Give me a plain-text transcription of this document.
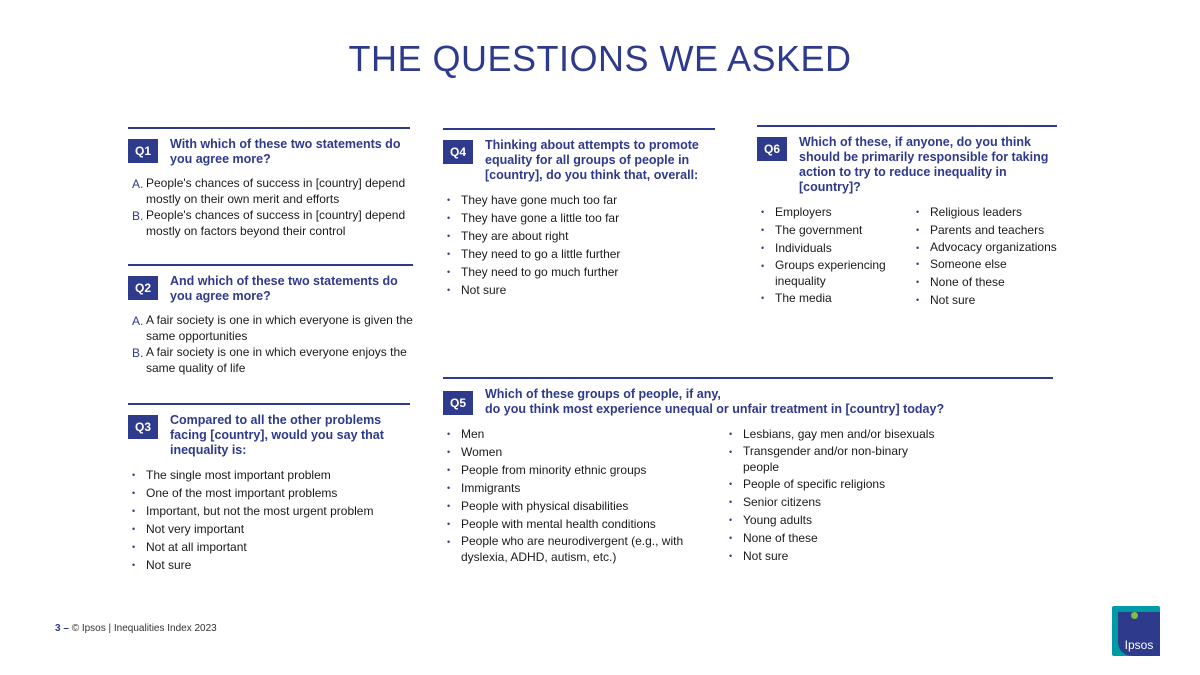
THE QUESTIONS WE ASKED
Q1	With which of these two statements do you agree more?
A. People's chances of success in [country] depend mostly on their own merit and efforts
B. People's chances of success in [country] depend mostly on factors beyond their control
Q2	And which of these two statements do you agree more?
A. A fair society is one in which everyone is given the same opportunities
B. A fair society is one in which everyone enjoys the same quality of life
Q3	Compared to all the other problems facing [country], would you say that inequality is:
• The single most important problem
• One of the most important problems
• Important, but not the most urgent problem
• Not very important
• Not at all important
• Not sure
Q4	Thinking about attempts to promote equality for all groups of people in [country], do you think that, overall:
• They have gone much too far
• They have gone a little too far
• They are about right
• They need to go a little further
• They need to go much further
• Not sure
Q6	Which of these, if anyone, do you think should be primarily responsible for taking action to try to reduce inequality in [country]?
• Employers
• The government
• Individuals
• Groups experiencing inequality
• The media
• Religious leaders
• Parents and teachers
• Advocacy organizations
• Someone else
• None of these
• Not sure
Q5
Which of these groups of people, if any,
do you think most experience unequal or unfair treatment in [country] today?
• Men
• Women
• People from minority ethnic groups
• Immigrants
• People with physical disabilities
• People with mental health conditions
• People who are neurodivergent (e.g., with dyslexia, ADHD, autism, etc.)
• Lesbians, gay men and/or bisexuals
• Transgender and/or non-binary people
• People of specific religions
• Senior citizens
• Young adults
• None of these
• Not sure
3 – © Ipsos | Inequalities Index 2023
Ipsos
